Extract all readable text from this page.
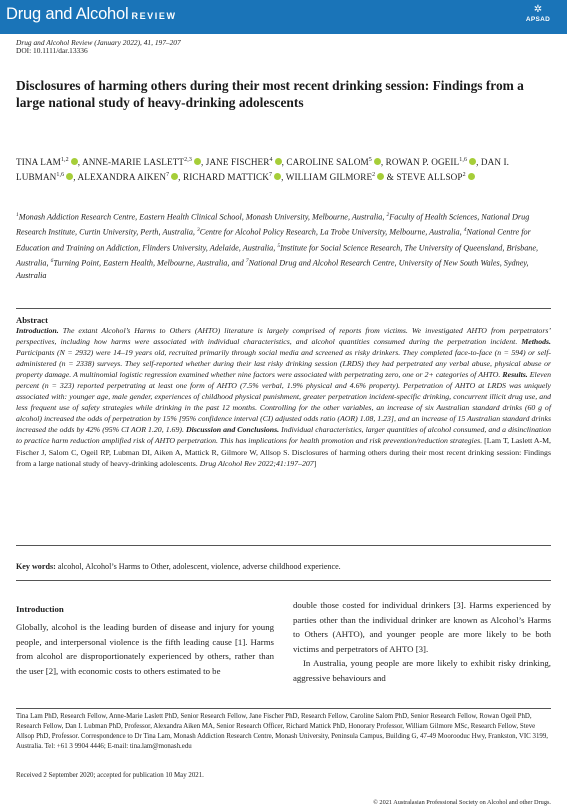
Drug and Alcohol REVIEW
✲
APSAD
Drug and Alcohol Review (January 2022), 41, 197–207
DOI: 10.1111/dar.13336
Disclosures of harming others during their most recent drinking session: Findings from a large national study of heavy-drinking adolescents
TINA LAM$^{1,2}$ , ANNE-MARIE LASLETT$^{2,3}$ , JANE FISCHER$^4$ , CAROLINE SALOM$^5$ , ROWAN P. OGEIL$^{1,6}$ , DAN I. LUBMAN$^{1,6}$ , ALEXANDRA AIKEN$^7$ , RICHARD MATTICK$^7$ , WILLIAM GILMORE$^2$ & STEVE ALLSOP$^2$
$^1$Monash Addiction Research Centre, Eastern Health Clinical School, Monash University, Melbourne, Australia, $^2$Faculty of Health Sciences, National Drug Research Institute, Curtin University, Perth, Australia, $^3$Centre for Alcohol Policy Research, La Trobe University, Melbourne, Australia, $^4$National Centre for Education and Training on Addiction, Flinders University, Adelaide, Australia, $^5$Institute for Social Science Research, The University of Queensland, Brisbane, Australia, $^6$Turning Point, Eastern Health, Melbourne, Australia, and $^7$National Drug and Alcohol Research Centre, University of New South Wales, Sydney, Australia
Abstract
Introduction. The extant Alcohol’s Harms to Others (AHTO) literature is largely comprised of reports from victims. We investigated AHTO from perpetrators’ perspectives, including how harms were associated with individual characteristics, and alcohol quantities consumed during the perpetration incident. Methods. Participants (N = 2932) were 14–19 years old, recruited primarily through social media and screened as risky drinkers. They completed face-to-face (n = 594) or self-administered (n = 2338) surveys. They self-reported whether during their last risky drinking session (LRDS) they had perpetrated any verbal abuse, physical abuse or property damage. A multinomial logistic regression examined whether nine factors were associated with perpetrating zero, one or 2+ categories of AHTO. Results. Eleven percent (n = 323) reported perpetrating at least one form of AHTO (7.5% verbal, 1.9% physical and 4.6% property). Perpetration of AHTO at LRDS was uniquely associated with: younger age, male gender, experiences of childhood physical punishment, greater perpetration incident-specific drinking, concurrent illicit drug use, and less frequent use of safety strategies while drinking in the past 12 months. Controlling for the other variables, an increase of six Australian standard drinks (60 g of alcohol) increased the odds of perpetration by 15% [95% confidence interval (CI) adjusted odds ratio (AOR) 1.08, 1.23], and an increase of 15 Australian standard drinks increased the odds by 42% (95% CI AOR 1.20, 1.69). Discussion and Conclusions. Individual characteristics, larger quantities of alcohol consumed, and a disinclination to practice harm reduction amplified risk of AHTO perpetration. This has implications for health promotion and risk prevention/reduction strategies. [Lam T, Laslett A-M, Fischer J, Salom C, Ogeil RP, Lubman DI, Aiken A, Mattick R, Gilmore W, Allsop S. Disclosures of harming others during their most recent drinking session: Findings from a large national study of heavy-drinking adolescents. Drug Alcohol Rev 2022;41:197–207]
Key words: alcohol, Alcohol’s Harms to Other, adolescent, violence, adverse childhood experience.
Introduction

Globally, alcohol is the leading burden of disease and injury for young people, and interpersonal violence is the fifth leading cause [1]. Harms from alcohol are disproportionately experienced by others, rather than the user [2], with economic costs to others estimated to be

double those costed for individual drinkers [3]. Harms experienced by parties other than the individual drinker are known as Alcohol’s Harms to Others (AHTO), and younger people are more likely to be both victims and perpetrators of AHTO [3].

In Australia, young people are more likely to exhibit risky drinking, aggressive behaviours and

Tina Lam PhD, Research Fellow, Anne-Marie Laslett PhD, Senior Research Fellow, Jane Fischer PhD, Research Fellow, Caroline Salom PhD, Senior Research Fellow, Rowan Ogeil PhD, Research Fellow, Dan I. Lubman PhD, Professor, Alexandra Aiken MA, Senior Research Officer, Richard Mattick PhD, Honorary Professor, William Gilmore MSc, Research Fellow, Steve Allsop PhD, Professor. Correspondence to Dr Tina Lam, Monash Addiction Research Centre, Monash University, Peninsula Campus, Building G, 47-49 Moorooduc Hwy, Frankston, VIC 3199, Australia. Tel: +61 3 9904 4446; E-mail: tina.lam@monash.edu
Received 2 September 2020; accepted for publication 10 May 2021.
© 2021 Australasian Professional Society on Alcohol and other Drugs.
